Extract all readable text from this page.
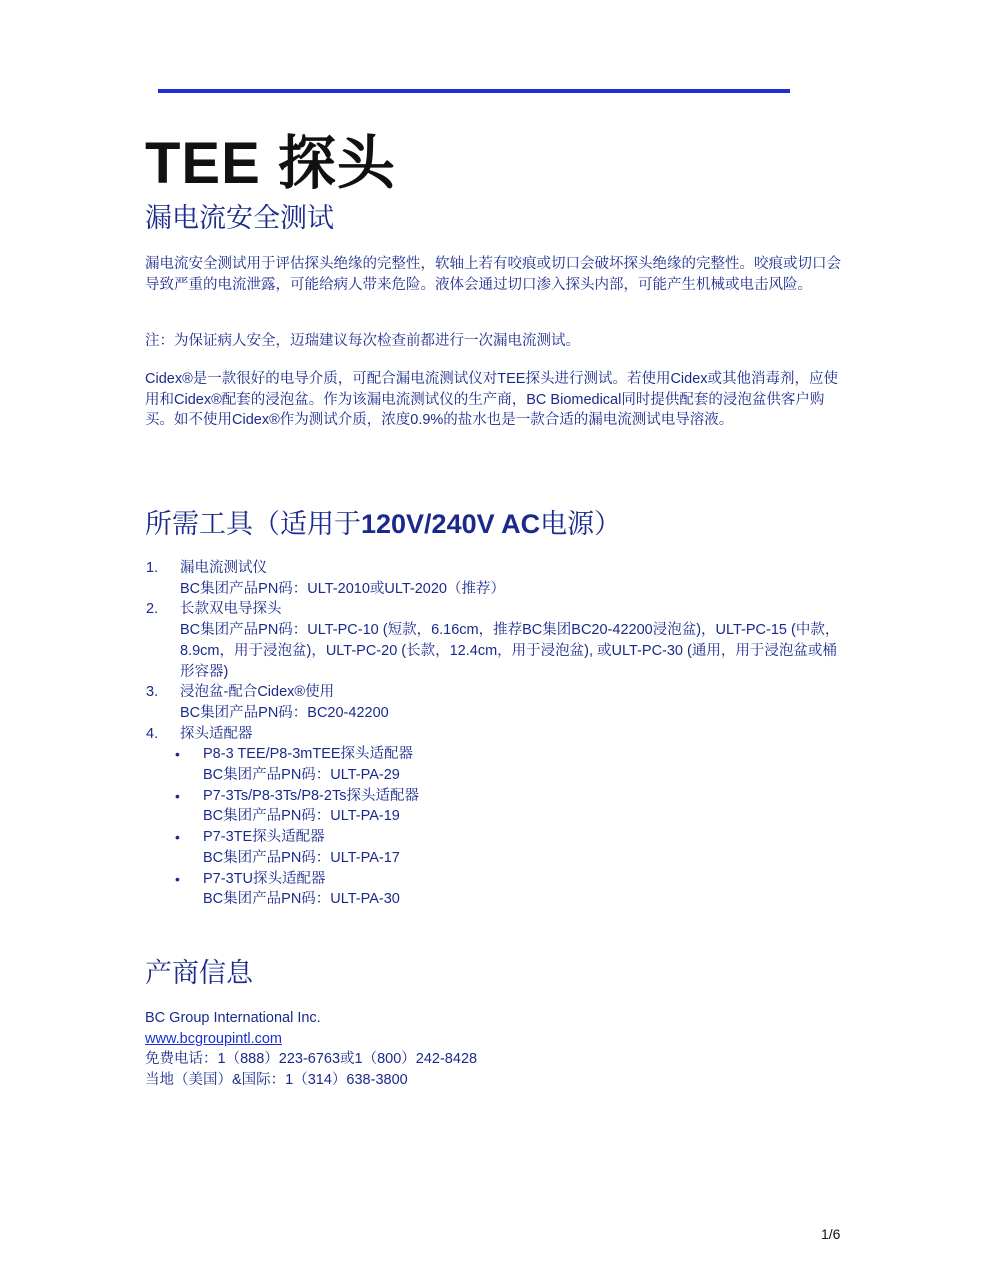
TEE 探头
漏电流安全测试

漏电流安全测试用于评估探头绝缘的完整性，软轴上若有咬痕或切口会破坏探头绝缘的完整性。咬痕或切口会导致严重的电流泄露，可能给病人带来危险。液体会通过切口渗入探头内部，可能产生机械或电击风险。

注：为保证病人安全，迈瑞建议每次检查前都进行一次漏电流测试。

Cidex®是一款很好的电导介质，可配合漏电流测试仪对TEE探头进行测试。若使用Cidex或其他消毒剂，应使用和Cidex®配套的浸泡盆。作为该漏电流测试仪的生产商，BC Biomedical同时提供配套的浸泡盆供客户购买。如不使用Cidex®作为测试介质，浓度0.9%的盐水也是一款合适的漏电流测试电导溶液。

所需工具（适用于120V/240V AC电源）
1. 漏电流测试仪
BC集团产品PN码：ULT-2010或ULT-2020（推荐）
2. 长款双电导探头
BC集团产品PN码：ULT-PC-10 (短款，6.16cm，推荐BC集团BC20-42200浸泡盆)，ULT-PC-15 (中款，8.9cm，用于浸泡盆)，ULT-PC-20 (长款，12.4cm，用于浸泡盆), 或ULT-PC-30 (通用，用于浸泡盆或桶形容器)
3. 浸泡盆-配合Cidex®使用
BC集团产品PN码：BC20-42200
4. 探头适配器
• P8-3 TEE/P8-3mTEE探头适配器
BC集团产品PN码：ULT-PA-29
• P7-3Ts/P8-3Ts/P8-2Ts探头适配器
BC集团产品PN码：ULT-PA-19
• P7-3TE探头适配器
BC集团产品PN码：ULT-PA-17
• P7-3TU探头适配器
BC集团产品PN码：ULT-PA-30
产商信息
BC Group International Inc.
www.bcgroupintl.com
免费电话：1（888）223-6763或1（800）242-8428
当地（美国）&国际：1（314）638-3800
1/6
